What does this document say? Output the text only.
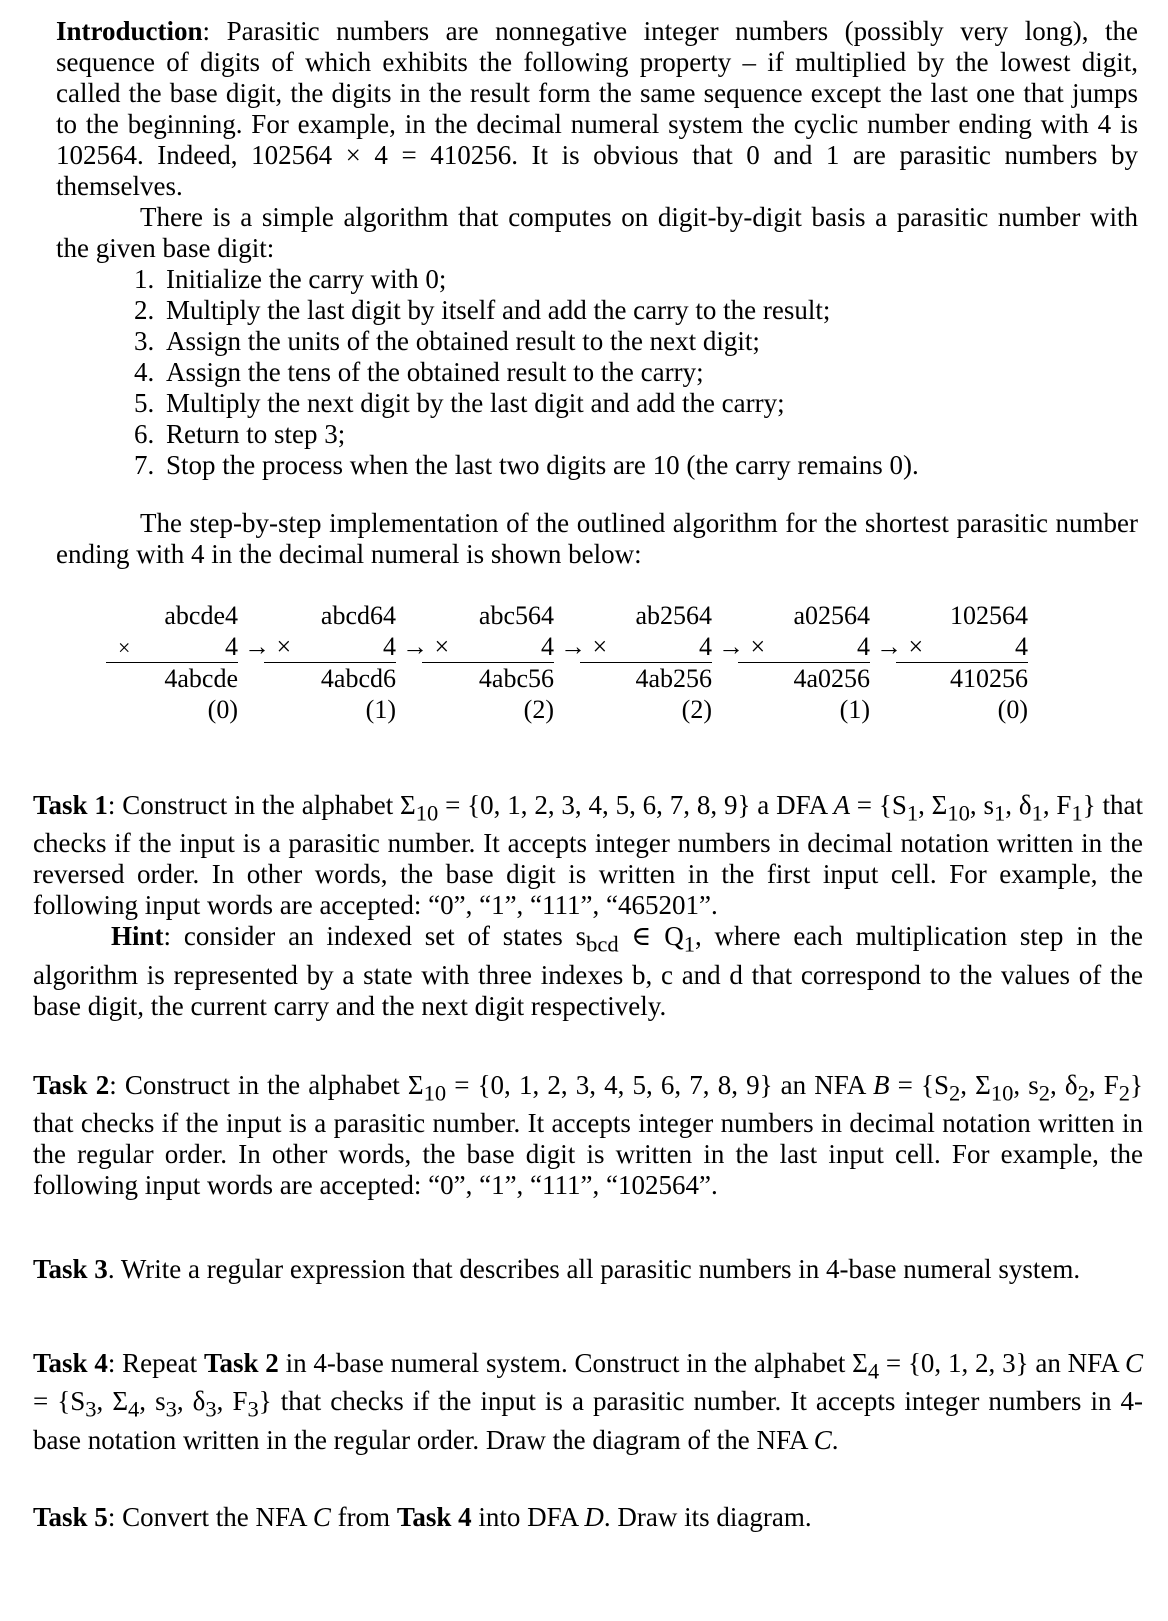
Introduction: Parasitic numbers are nonnegative integer numbers (possibly very long), the sequence of digits of which exhibits the following property – if multiplied by the lowest digit, called the base digit, the digits in the result form the same sequence except the last one that jumps to the beginning. For example, in the decimal numeral system the cyclic number ending with 4 is 102564. Indeed, 102564 × 4 = 410256. It is obvious that 0 and 1 are parasitic numbers by themselves.

There is a simple algorithm that computes on digit-by-digit basis a parasitic number with the given base digit:

1. Initialize the carry with 0;
2. Multiply the last digit by itself and add the carry to the result;
3. Assign the units of the obtained result to the next digit;
4. Assign the tens of the obtained result to the carry;
5. Multiply the next digit by the last digit and add the carry;
6. Return to step 3;
7. Stop the process when the last two digits are 10 (the carry remains 0).

The step-by-step implementation of the outlined algorithm for the shortest parasitic number ending with 4 in the decimal numeral is shown below:

×
abcde4
4
4abcde
(0)
→ ×
abcd64
4
4abcd6
(1)
→ ×
abc564
4
4abc56
(2)
→ ×
ab2564
4
4ab256
(2)
→ ×
a02564
4
4a0256
(1)
→ ×
102564
4
410256
(0)

Task 1: Construct in the alphabet $\Sigma_{10} = \{0$, 1, 2, 3, 4, 5, 6, 7, 8, 9} a DFA $A = \{S_1$, $\Sigma_{10}$, $s_1$, $\delta_1$, $F_1$} that checks if the input is a parasitic number. It accepts integer numbers in decimal notation written in the reversed order. In other words, the base digit is written in the first input cell. For example, the following input words are accepted: “0”, “1”, “111”, “465201”.

Hint: consider an indexed set of states $s_{bcd}$ ∈ $Q_1$, where each multiplication step in the algorithm is represented by a state with three indexes b, c and d that correspond to the values of the base digit, the current carry and the next digit respectively.

Task 2: Construct in the alphabet $\Sigma_{10} = \{0$, 1, 2, 3, 4, 5, 6, 7, 8, 9} an NFA $B = \{S_2$, $\Sigma_{10}$, $s_2$, $\delta_2$, $F_2$} that checks if the input is a parasitic number. It accepts integer numbers in decimal notation written in the regular order. In other words, the base digit is written in the last input cell. For example, the following input words are accepted: “0”, “1”, “111”, “102564”.

Task 3. Write a regular expression that describes all parasitic numbers in 4-base numeral system.

Task 4: Repeat Task 2 in 4-base numeral system. Construct in the alphabet $\Sigma_4 = \{0$, 1, 2, 3} an NFA $C = \{S_3$, $\Sigma_4$, $s_3$, $\delta_3$, $F_3$} that checks if the input is a parasitic number. It accepts integer numbers in 4-base notation written in the regular order. Draw the diagram of the NFA C.

Task 5: Convert the NFA C from Task 4 into DFA D. Draw its diagram.
